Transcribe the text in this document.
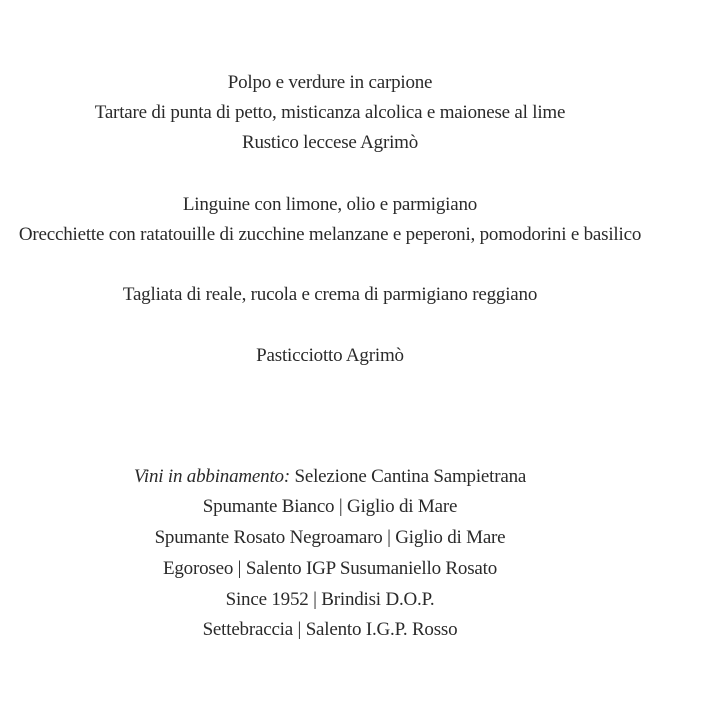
Polpo e verdure in carpione
Tartare di punta di petto, misticanza alcolica e maionese al lime
Rustico leccese Agrimò
Linguine con limone, olio e parmigiano
Orecchiette con ratatouille di zucchine melanzane e peperoni, pomodorini e basilico
Tagliata di reale, rucola e crema di parmigiano reggiano
Pasticciotto Agrimò
Vini in abbinamento: Selezione Cantina Sampietrana
Spumante Bianco | Giglio di Mare
Spumante Rosato Negroamaro | Giglio di Mare
Egoroseo | Salento IGP Susumaniello Rosato
Since 1952 | Brindisi D.O.P.
Settebraccia | Salento I.G.P. Rosso
